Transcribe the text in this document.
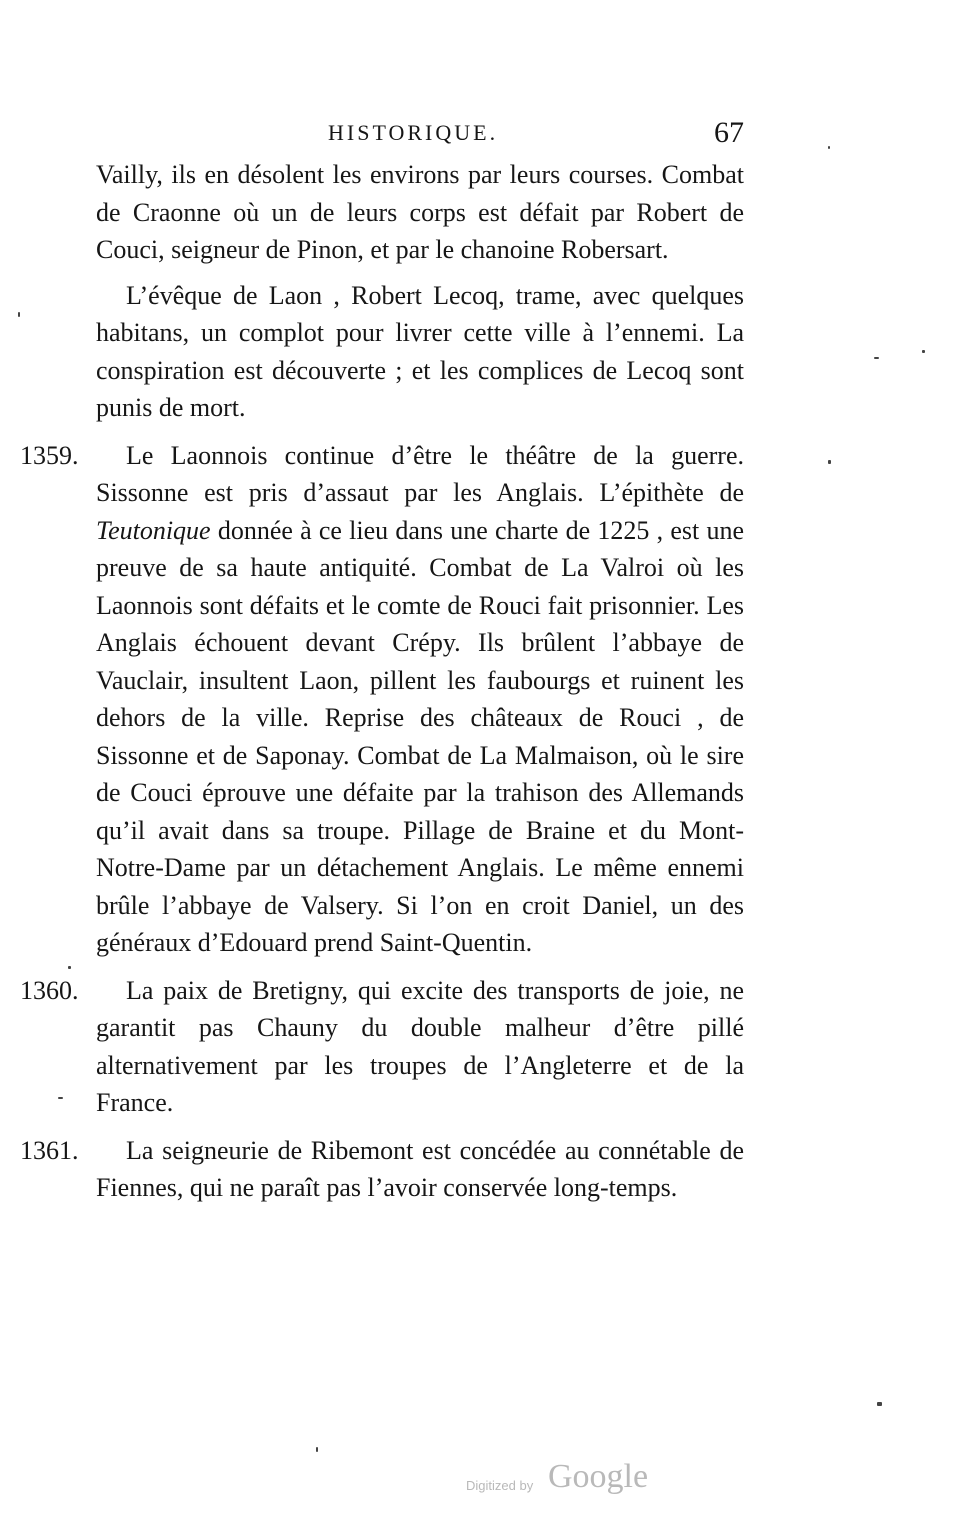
HISTORIQUE.	67

Vailly, ils en désolent les environs par leurs courses. Combat de Craonne où un de leurs corps est défait par Robert de Couci, seigneur de Pinon, et par le chanoine Robersart.

L’évêque de Laon , Robert Lecoq, trame, avec quelques habitans, un complot pour livrer cette ville à l’ennemi. La conspiration est découverte ; et les complices de Lecoq sont punis de mort.

1359.	Le Laonnois continue d’être le théâtre de la guerre. Sissonne est pris d’assaut par les Anglais. L’épithète de Teutonique donnée à ce lieu dans une charte de 1225 , est une preuve de sa haute antiquité. Combat de La Valroi où les Laonnois sont défaits et le comte de Rouci fait prisonnier. Les Anglais échouent devant Crépy. Ils brûlent l’abbaye de Vauclair, insultent Laon, pillent les faubourgs et ruinent les dehors de la ville. Reprise des châteaux de Rouci , de Sissonne et de Saponay. Combat de La Malmaison, où le sire de Couci éprouve une défaite par la trahison des Allemands qu’il avait dans sa troupe. Pillage de Braine et du Mont-Notre-Dame par un détachement Anglais. Le même ennemi brûle l’abbaye de Valsery. Si l’on en croit Daniel, un des généraux d’Edouard prend Saint-Quentin.

1360.	La paix de Bretigny, qui excite des transports de joie, ne garantit pas Chauny du double malheur d’être pillé alternativement par les troupes de l’Angleterre et de la France.

1361.	La seigneurie de Ribemont est concédée au connétable de Fiennes, qui ne paraît pas l’avoir conservée long-temps.

Digitized by Google
